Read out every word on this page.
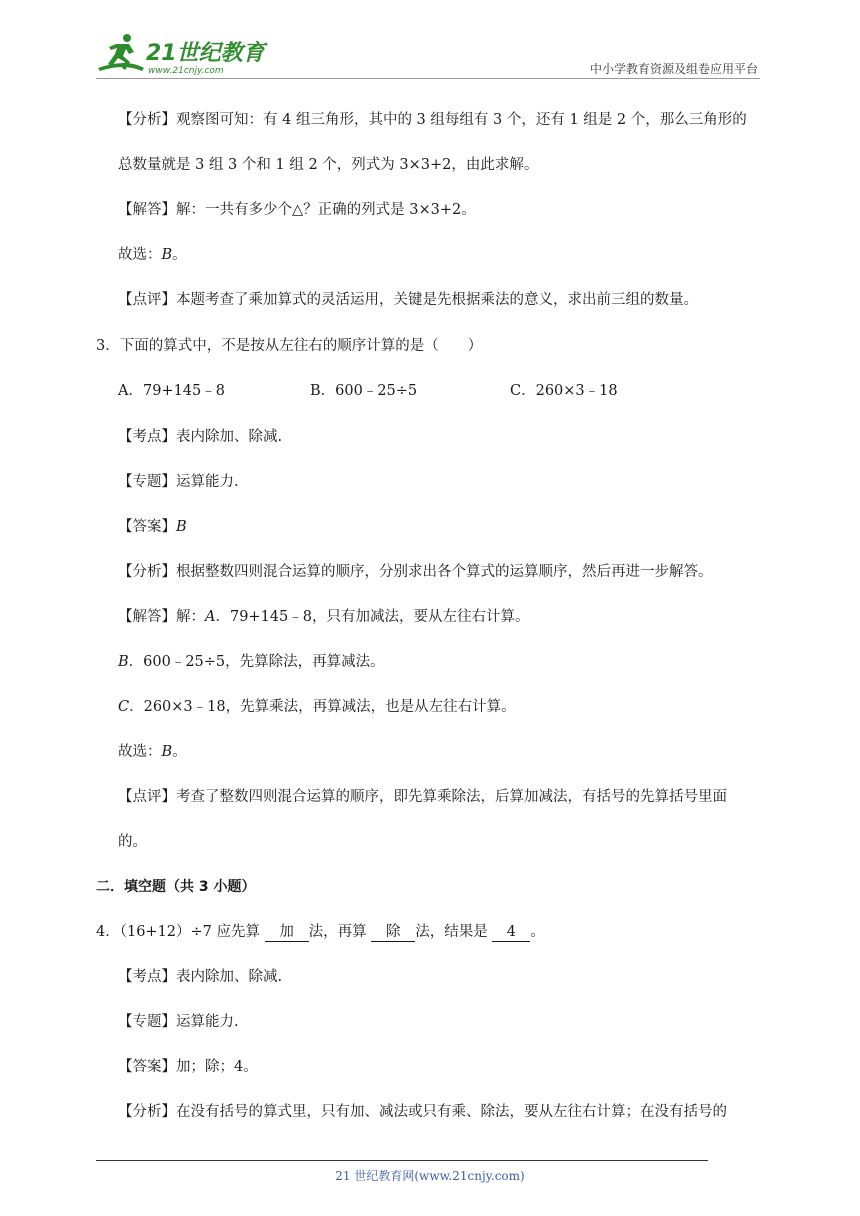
21世纪教育
www.21cnjy.com	中小学教育资源及组卷应用平台
【分析】观察图可知：有 4 组三角形，其中的 3 组每组有 3 个，还有 1 组是 2 个，那么三角形的
总数量就是 3 组 3 个和 1 组 2 个，列式为 3×3+2，由此求解。
【解答】解：一共有多少个△？正确的列式是 3×3+2。
故选：B。
【点评】本题考查了乘加算式的灵活运用，关键是先根据乘法的意义，求出前三组的数量。
3．下面的算式中，不是按从左往右的顺序计算的是（　　）
A．79+145﹣8	B．600﹣25÷5	C．260×3﹣18
【考点】表内除加、除减.
【专题】运算能力.
【答案】B
【分析】根据整数四则混合运算的顺序，分别求出各个算式的运算顺序，然后再进一步解答。
【解答】解：A．79+145﹣8，只有加减法，要从左往右计算。
B．600﹣25÷5，先算除法，再算减法。
C．260×3﹣18，先算乘法，再算减法，也是从左往右计算。
故选：B。
【点评】考查了整数四则混合运算的顺序，即先算乘除法，后算加减法，有括号的先算括号里面
的。
二．填空题（共 3 小题）
4．（16+12）÷7 应先算 加 法，再算 除 法，结果是 4 。
【考点】表内除加、除减.
【专题】运算能力.
【答案】加；除；4。
【分析】在没有括号的算式里，只有加、减法或只有乘、除法，要从左往右计算；在没有括号的
21 世纪教育网(www.21cnjy.com)
